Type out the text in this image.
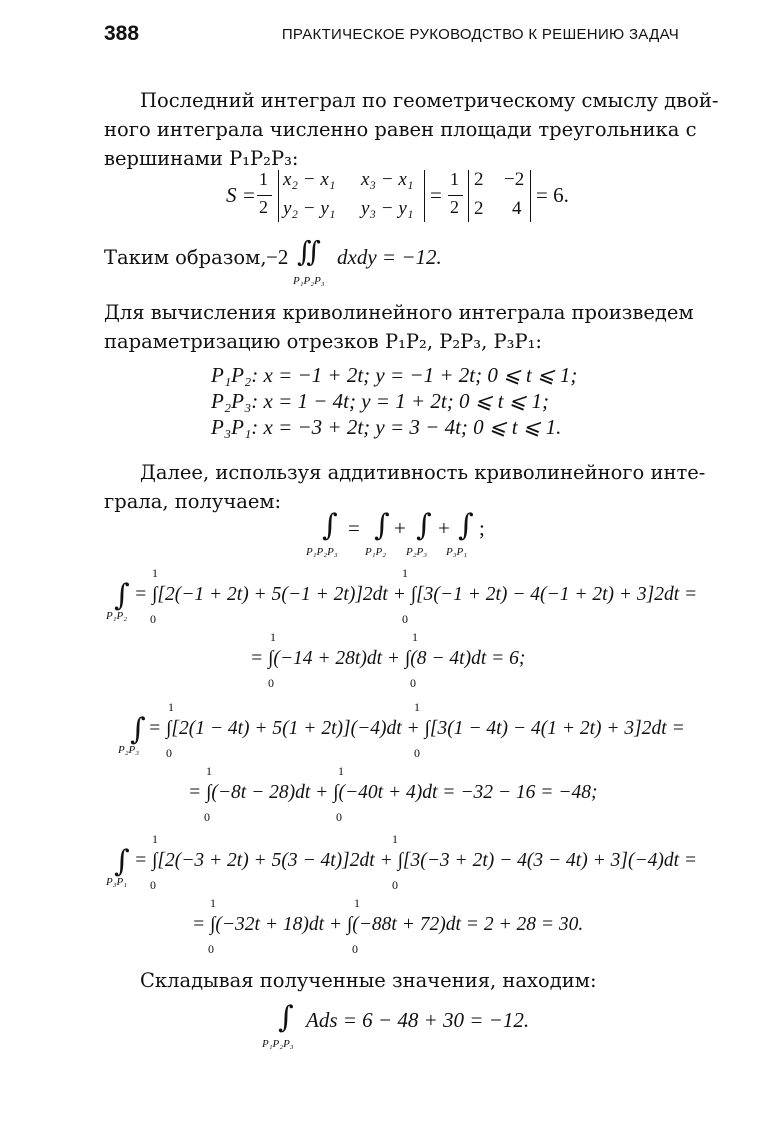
388	ПРАКТИЧЕСКОЕ РУКОВОДСТВО К РЕШЕНИЮ ЗАДАЧ
Последний интеграл по геометрическому смыслу двой-
ного интеграла численно равен площади треугольника с
вершинами P₁P₂P₃:
S =
1
2
x₂ − x₁ x₃ − x₁
y₂ − y₁ y₃ − y₁
=
1
2
2 −2
2 4
= 6.
Таким образом, −2 ∬
P₁P₂P₃
dxdy = −12.
Для вычисления криволинейного интеграла произведем
параметризацию отрезков P₁P₂, P₂P₃, P₃P₁:
P₁P₂: x = −1 + 2t; y = −1 + 2t; 0 ⩽ t ⩽ 1;
P₂P₃: x = 1 − 4t; y = 1 + 2t; 0 ⩽ t ⩽ 1;
P₃P₁: x = −3 + 2t; y = 3 − 4t; 0 ⩽ t ⩽ 1.
Далее, используя аддитивность криволинейного инте-
грала, получаем:
∫
P₁P₂P₃
= ∫
P₁P₂
+ ∫
P₂P₃
+ ∫
P₃P₁
;
∫
P₁P₂
1
0
1
0
= ∫[2(−1 + 2t) + 5(−1 + 2t)]2dt + ∫[3(−1 + 2t) − 4(−1 + 2t) + 3]2dt =
1
0
1
0
= ∫(−14 + 28t)dt + ∫(8 − 4t)dt = 6;
∫
P₂P₃
1
0
1
0
= ∫[2(1 − 4t) + 5(1 + 2t)](−4)dt + ∫[3(1 − 4t) − 4(1 + 2t) + 3]2dt =
1
0
1
0
= ∫(−8t − 28)dt + ∫(−40t + 4)dt = −32 − 16 = −48;
∫
P₃P₁
1
0
1
0
= ∫[2(−3 + 2t) + 5(3 − 4t)]2dt + ∫[3(−3 + 2t) − 4(3 − 4t) + 3](−4)dt =
1
0
1
0
= ∫(−32t + 18)dt + ∫(−88t + 72)dt = 2 + 28 = 30.
Складывая полученные значения, находим:
∫
P₁P₂P₃
Ads = 6 − 48 + 30 = −12.
